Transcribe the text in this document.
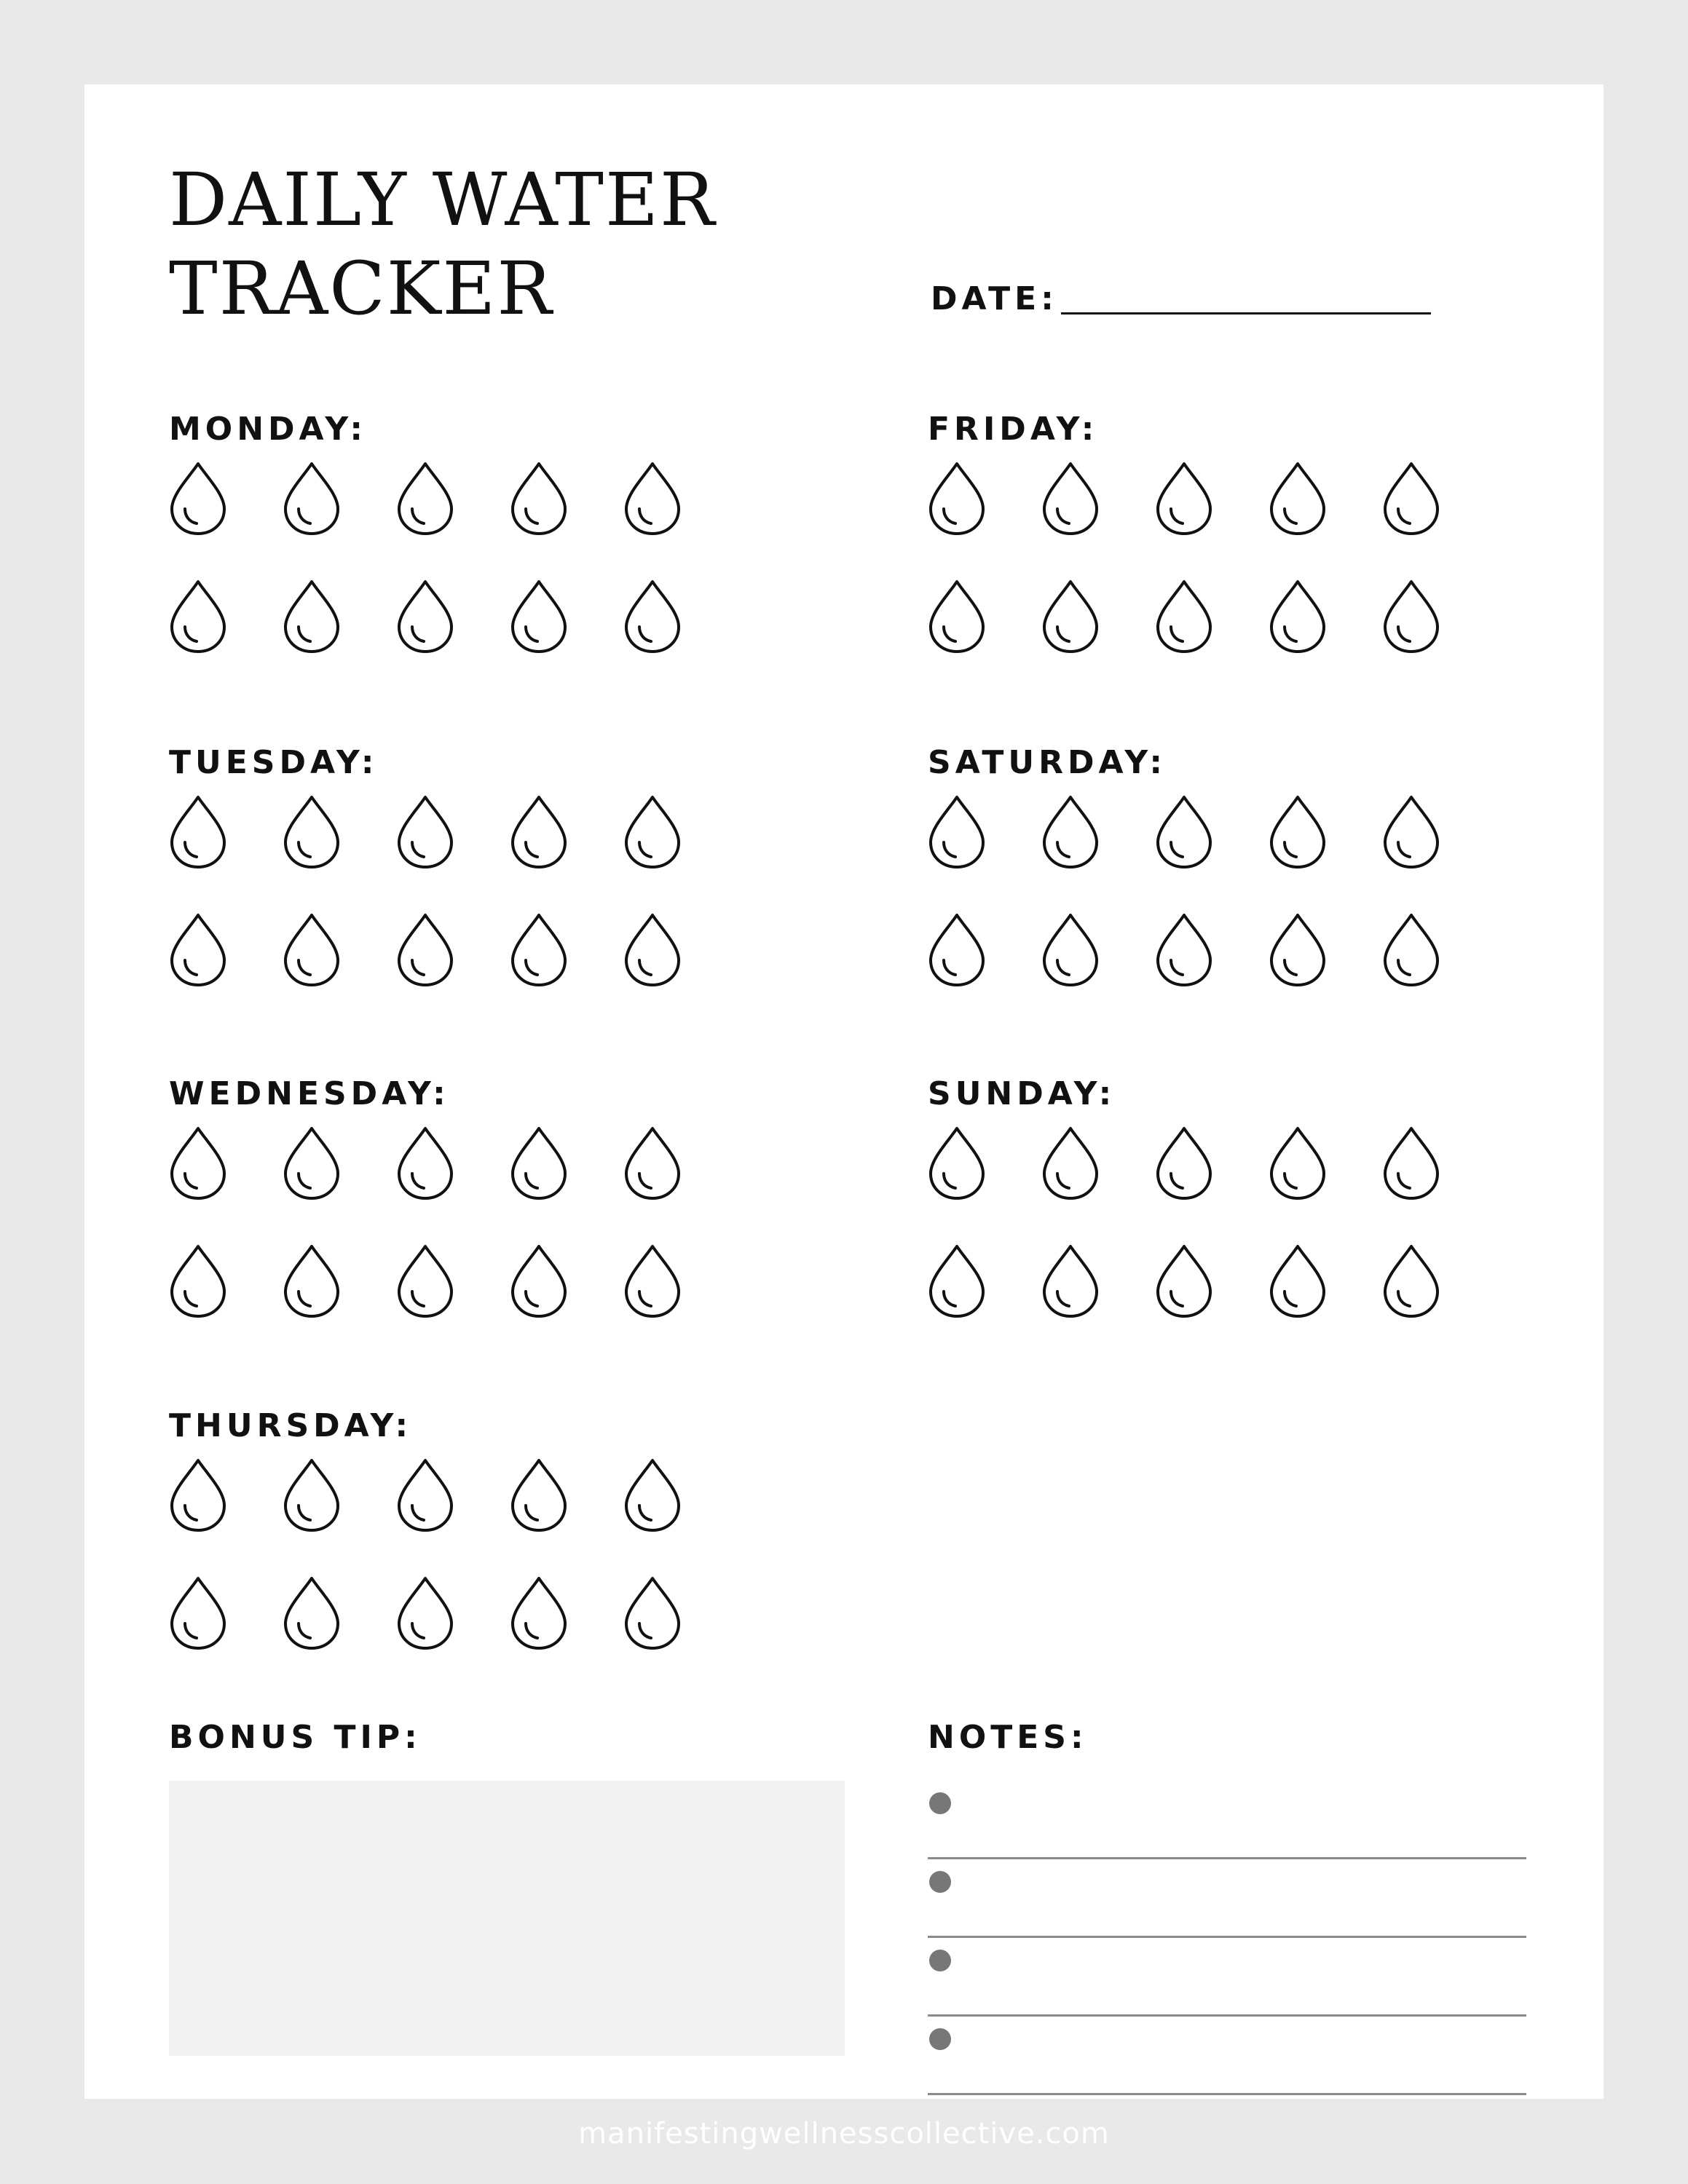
DAILY WATER
TRACKER	DATE:
MONDAY:
TUESDAY:
WEDNESDAY:
THURSDAY:
FRIDAY:
SATURDAY:
SUNDAY:
BONUS TIP:	NOTES:
manifestingwellnesscollective.com
